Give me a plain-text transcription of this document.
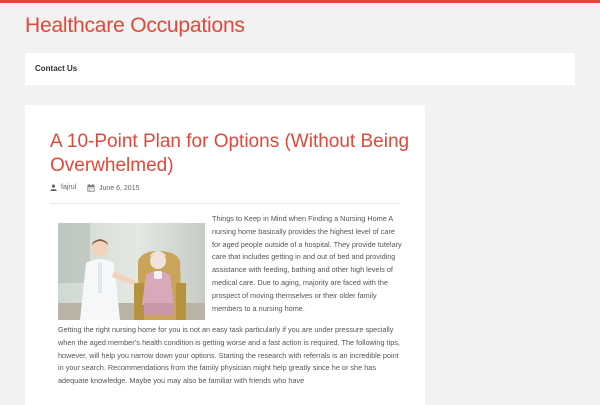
Healthcare Occupations
Contact Us
A 10-Point Plan for Options (Without Being Overwhelmed)
fajrul	June 6, 2015

Things to Keep in Mind when Finding a Nursing Home A nursing home basically provides the highest level of care for aged people outside of a hospital. They provide tutelary care that includes getting in and out of bed and providing assistance with feeding, bathing and other high levels of medical care. Due to aging, majority are faced with the prospect of moving themselves or their older family members to a nursing home.

Getting the right nursing home for you is not an easy task particularly if you are under pressure specially when the aged member’s health condition is getting worse and a fast action is required. The following tips, however, will help you narrow down your options. Starting the research with referrals is an incredible point in your search. Recommendations from the family physician might help greatly since he or she has adequate knowledge. Maybe you may also be familiar with friends who have
